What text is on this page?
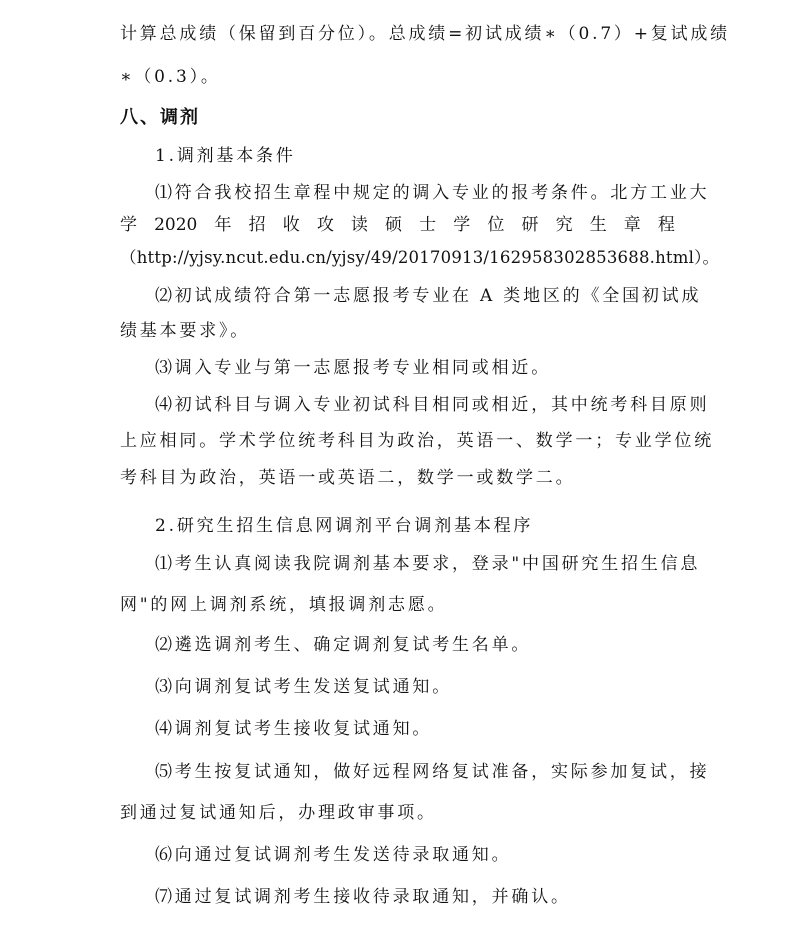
计算总成绩（保留到百分位）。总成绩=初试成绩∗（0.7）+复试成绩
∗（0.3）。
八、调剂
1.调剂基本条件
⑴符合我校招生章程中规定的调入专业的报考条件。北方工业大
学 2020 年 招 收 攻 读 硕 士 学 位 研 究 生 章 程
（http://yjsy.ncut.edu.cn/yjsy/49/20170913/162958302853688.html）。
⑵初试成绩符合第一志愿报考专业在 A 类地区的《全国初试成
绩基本要求》。
⑶调入专业与第一志愿报考专业相同或相近。
⑷初试科目与调入专业初试科目相同或相近，其中统考科目原则
上应相同。学术学位统考科目为政治，英语一、数学一；专业学位统
考科目为政治，英语一或英语二，数学一或数学二。
2.研究生招生信息网调剂平台调剂基本程序
⑴考生认真阅读我院调剂基本要求，登录"中国研究生招生信息
网"的网上调剂系统，填报调剂志愿。
⑵遴选调剂考生、确定调剂复试考生名单。
⑶向调剂复试考生发送复试通知。
⑷调剂复试考生接收复试通知。
⑸考生按复试通知，做好远程网络复试准备，实际参加复试，接
到通过复试通知后，办理政审事项。
⑹向通过复试调剂考生发送待录取通知。
⑺通过复试调剂考生接收待录取通知，并确认。
